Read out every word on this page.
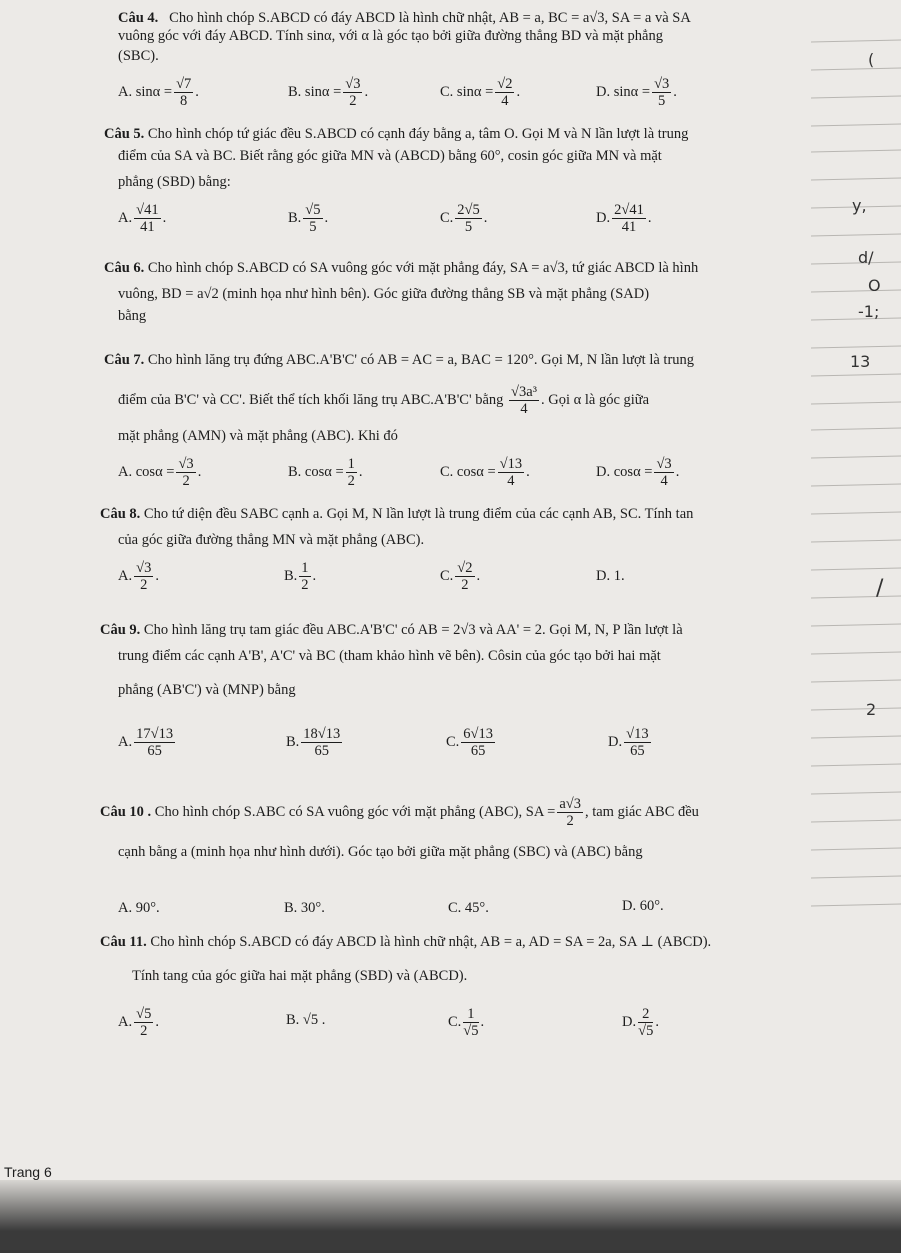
(
y,
d/
O
-1;
13
/
2
Câu 4. Cho hình chóp S.ABCD có đáy ABCD là hình chữ nhật, AB = a, BC = a√3, SA = a và SA
vuông góc với đáy ABCD. Tính sinα, với α là góc tạo bởi giữa đường thẳng BD và mặt phẳng
(SBC).
A. $\sin\alpha = \frac{√7}{8}$ .	B. $\sin\alpha = \frac{√3}{2}$ .	C. $\sin\alpha = \frac{√2}{4}$ .	D. $\sin\alpha = \frac{√3}{5}$ .
Câu 5. Cho hình chóp tứ giác đều S.ABCD có cạnh đáy bằng a, tâm O. Gọi M và N lần lượt là trung
điểm của SA và BC. Biết rằng góc giữa MN và (ABCD) bằng 60°, cosin góc giữa MN và mặt
phẳng (SBD) bằng:
A. $\frac{√41}{41}$ .	B. $\frac{√5}{5}$ .	C. $\frac{2√5}{5}$ .	D. $\frac{2√41}{41}$ .
Câu 6. Cho hình chóp S.ABCD có SA vuông góc với mặt phẳng đáy, SA = a√3, tứ giác ABCD là hình
vuông, BD = a√2 (minh họa như hình bên). Góc giữa đường thẳng SB và mặt phẳng (SAD)
bằng
Câu 7. Cho hình lăng trụ đứng ABC.A'B'C' có AB = AC = a, BAC = 120°. Gọi M, N lần lượt là trung
điểm của B'C' và CC'. Biết thể tích khối lăng trụ ABC.A'B'C' bằng $\frac{\text{√3a³}}{4}$ . Gọi α là góc giữa
mặt phẳng (AMN) và mặt phẳng (ABC). Khi đó
A. $\cos\alpha = \frac{√3}{2}$ .	B. $\cos\alpha = \frac{1}{2}$ .	C. $\cos\alpha = \frac{√13}{4}$ .	D. $\cos\alpha = \frac{√3}{4}$ .
Câu 8. Cho tứ diện đều SABC cạnh a. Gọi M, N lần lượt là trung điểm của các cạnh AB, SC. Tính tan
của góc giữa đường thẳng MN và mặt phẳng (ABC).
A. $\frac{√3}{2}$ .	B. $\frac{1}{2}$ .	C. $\frac{√2}{2}$ .	D. 1.
Câu 9. Cho hình lăng trụ tam giác đều ABC.A'B'C' có AB = 2√3 và AA' = 2. Gọi M, N, P lần lượt là
trung điểm các cạnh A'B', A'C' và BC (tham khảo hình vẽ bên). Côsin của góc tạo bởi hai mặt
phẳng (AB'C') và (MNP) bằng
A. $\frac{17√13}{65}$	B. $\frac{18√13}{65}$	C. $\frac{6√13}{65}$	D. $\frac{√13}{65}$
Câu 10 . Cho hình chóp S.ABC có SA vuông góc với mặt phẳng (ABC), SA = $\frac{a√3}{2}$ , tam giác ABC đều
cạnh bằng a (minh họa như hình dưới). Góc tạo bởi giữa mặt phẳng (SBC) và (ABC) bằng
A. 90°.	B. 30°.	C. 45°.	D. 60°.
Câu 11. Cho hình chóp S.ABCD có đáy ABCD là hình chữ nhật, AB = a, AD = SA = 2a, SA ⊥ (ABCD).
Tính tang của góc giữa hai mặt phẳng (SBD) và (ABCD).
A. $\frac{√5}{2}$ .	B. √5 .	C. $\frac{1}{√5}$ .	D. $\frac{2}{√5}$ .
Trang 6
